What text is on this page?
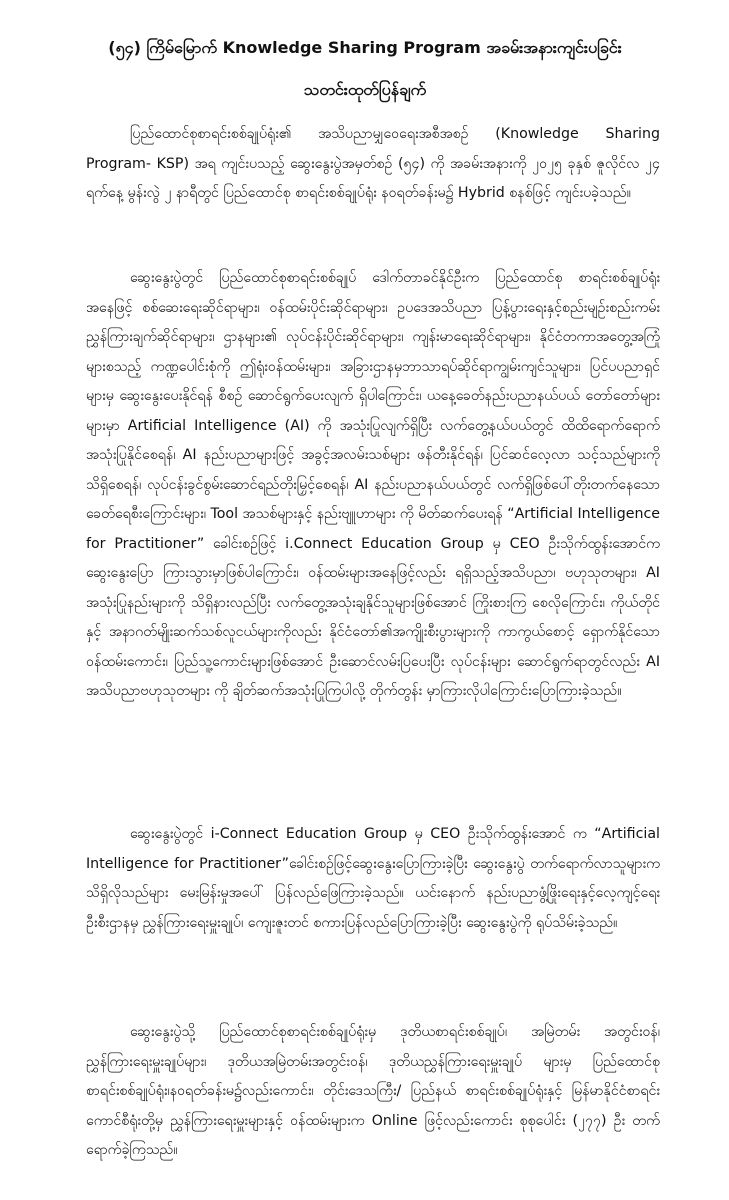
(၅၄) ကြိမ်မြောက် Knowledge Sharing Program အခမ်းအနားကျင်းပခြင်း
သတင်းထုတ်ပြန်ချက်

ပြည်ထောင်စုစာရင်းစစ်ချုပ်ရုံး၏ အသိပညာမျှဝေရေးအစီအစဉ် (Knowledge Sharing Program- KSP) အရ ကျင်းပသည့် ဆွေးနွေးပွဲအမှတ်စဉ် (၅၄) ကို အခမ်းအနားကို ၂၀၂၅ ခုနှစ် ဇူလိုင်လ ၂၄ ရက်နေ့ မွန်းလွဲ ၂ နာရီတွင် ပြည်ထောင်စု စာရင်းစစ်ချုပ်ရုံး နဝရတ်ခန်းမ၌ Hybrid စနစ်ဖြင့် ကျင်းပခဲ့သည်။

ဆွေးနွေးပွဲတွင် ပြည်ထောင်စုစာရင်းစစ်ချုပ် ဒေါက်တာခင်နိုင်ဦးက ပြည်ထောင်စု စာရင်းစစ်ချုပ်ရုံးအနေဖြင့် စစ်ဆေးရေးဆိုင်ရာများ၊ ဝန်ထမ်းပိုင်းဆိုင်ရာများ၊ ဥပဒေအသိပညာ ပြန့်ပွားရေးနှင့်စည်းမျဉ်းစည်းကမ်းညွှန်ကြားချက်ဆိုင်ရာများ၊ ဌာနများ၏ လုပ်ငန်းပိုင်းဆိုင်ရာများ၊ ကျန်းမာရေးဆိုင်ရာများ၊ နိုင်ငံတကာအတွေ့အကြုံများစသည့် ကဏ္ဍပေါင်းစုံကို ဤရုံးဝန်ထမ်းများ၊ အခြားဌာနမှဘာသာရပ်ဆိုင်ရာကျွမ်းကျင်သူများ၊ ပြင်ပပညာရှင်များမှ ဆွေးနွေးပေးနိုင်ရန် စီစဉ် ဆောင်ရွက်ပေးလျက် ရှိပါကြောင်း၊ ယနေ့ခေတ်နည်းပညာနယ်ပယ် တော်တော်များများမှာ Artificial Intelligence (AI) ကို အသုံးပြုလျက်ရှိပြီး လက်တွေ့နယ်ပယ်တွင် ထိထိရောက်ရောက် အသုံးပြုနိုင်စေရန်၊ AI နည်းပညာများဖြင့် အခွင့်အလမ်းသစ်များ ဖန်တီးနိုင်ရန်၊ ပြင်ဆင်လေ့လာ သင့်သည်များကိုသိရှိစေရန်၊ လုပ်ငန်းခွင်စွမ်းဆောင်ရည်တိုးမြှင့်စေရန်၊ AI နည်းပညာနယ်ပယ်တွင် လက်ရှိဖြစ်ပေါ်တိုးတက်နေသော ခေတ်ရေစီးကြောင်းများ၊ Tool အသစ်များနှင့် နည်းဗျူဟာများ ကို မိတ်ဆက်ပေးရန် “Artificial Intelligence for Practitioner” ခေါင်းစဉ်ဖြင့် i.Connect Education Group မှ CEO ဦးသိုက်ထွန်းအောင်က ဆွေးနွေးပြော ကြားသွားမှာဖြစ်ပါကြောင်း၊ ဝန်ထမ်းများအနေဖြင့်လည်း ရရှိသည့်အသိပညာ၊ ဗဟုသုတများ၊ AI အသုံးပြုနည်းများကို သိရှိနားလည်ပြီး လက်တွေ့အသုံးချနိုင်သူများဖြစ်အောင် ကြိုးစားကြ စေလိုကြောင်း၊ ကိုယ်တိုင်နှင့် အနာဂတ်မျိုးဆက်သစ်လူငယ်များကိုလည်း နိုင်ငံတော်၏အကျိုးစီးပွားများကို ကာကွယ်စောင့် ရှောက်နိုင်သော ဝန်ထမ်းကောင်း၊ ပြည်သူ့ကောင်းများဖြစ်အောင် ဦးဆောင်လမ်းပြပေးပြီး လုပ်ငန်းများ ဆောင်ရွက်ရာတွင်လည်း AI အသိပညာဗဟုသုတများ ကို ချိတ်ဆက်အသုံးပြုကြပါလို့ တိုက်တွန်း မှာကြားလိုပါကြောင်းပြောကြားခဲ့သည်။

ဆွေးနွေးပွဲတွင် i-Connect Education Group မှ CEO ဦးသိုက်ထွန်းအောင် က “Artificial Intelligence for Practitioner”ခေါင်းစဉ်ဖြင့်ဆွေးနွေးပြောကြားခဲ့ပြီး ဆွေးနွေးပွဲ တက်ရောက်လာသူများက သိရှိလိုသည်များ မေးမြန်းမှုအပေါ် ပြန်လည်ဖြေကြားခဲ့သည်။ ယင်းနောက် နည်းပညာဖွံ့ဖြိုးရေးနှင့်လေ့ကျင့်ရေးဦးစီးဌာနမှ ညွှန်ကြားရေးမှူးချုပ်၊ ကျေးဇူးတင် စကားပြန်လည်ပြောကြားခဲ့ပြီး ဆွေးနွေးပွဲကို ရုပ်သိမ်းခဲ့သည်။

ဆွေးနွေးပွဲသို့ ပြည်ထောင်စုစာရင်းစစ်ချုပ်ရုံးမှ ဒုတိယစာရင်းစစ်ချုပ်၊ အမြဲတမ်း အတွင်းဝန်၊ ညွှန်ကြားရေးမှူးချုပ်များ၊ ဒုတိယအမြဲတမ်းအတွင်းဝန်၊ ဒုတိယညွှန်ကြားရေးမှူးချုပ် များမှ ပြည်ထောင်စုစာရင်းစစ်ချုပ်ရုံး၊နဝရတ်ခန်းမ၌လည်းကောင်း၊ တိုင်းဒေသကြီး/ ပြည်နယ် စာရင်းစစ်ချုပ်ရုံးနှင့် မြန်မာနိုင်ငံစာရင်းကောင်စီရုံးတို့မှ ညွှန်ကြားရေးမှူးများနှင့် ဝန်ထမ်းများက Online ဖြင့်လည်းကောင်း စုစုပေါင်း (၂၇၇) ဦး တက်ရောက်ခဲ့ကြသည်။
